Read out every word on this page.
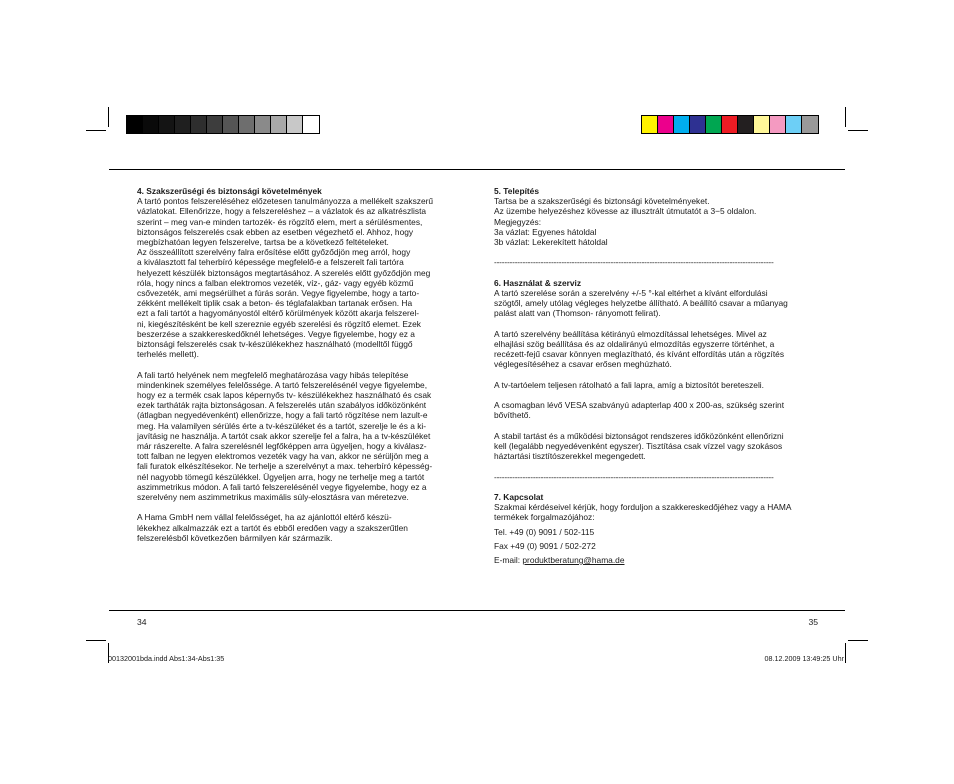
4. Szakszerűségi és biztonsági követelmények

A tartó pontos felszereléséhez előzetesen tanulmányozza a mellékelt szakszerű
vázlatokat. Ellenőrizze, hogy a felszereléshez – a vázlatok és az alkatrészlista
szerint – meg van-e minden tartozék- és rögzítő elem, mert a sérülésmentes,
biztonságos felszerelés csak ebben az esetben végezhető el. Ahhoz, hogy
megbízhatóan legyen felszerelve, tartsa be a következő feltételeket.
Az összeállított szerelvény falra erősítése előtt győződjön meg arról, hogy
a kiválasztott fal teherbíró képessége megfelelő-e a felszerelt fali tartóra
helyezett készülék biztonságos megtartásához. A szerelés előtt győződjön meg
róla, hogy nincs a falban elektromos vezeték, víz-, gáz- vagy egyéb közmű
csővezeték, ami megsérülhet a fúrás során. Vegye figyelembe, hogy a tarto-
zékként mellékelt tiplik csak a beton- és téglafalakban tartanak erősen. Ha
ezt a fali tartót a hagyományostól eltérő körülmények között akarja felszerel-
ni, kiegészítésként be kell szereznie egyéb szerelési és rögzítő elemet. Ezek
beszerzése a szakkereskedőknél lehetséges. Vegye figyelembe, hogy ez a
biztonsági felszerelés csak tv-készülékekhez használható (modelltől függő
terhelés mellett).

A fali tartó helyének nem megfelelő meghatározása vagy hibás telepítése
mindenkinek személyes felelőssége. A tartó felszerelésénél vegye figyelembe,
hogy ez a termék csak lapos képernyős tv- készülékekhez használható és csak
ezek tartháták rajta biztonságosan. A felszerelés után szabályos időközönként
(átlagban negyedévenként) ellenőrizze, hogy a fali tartó rögzítése nem lazult-e
meg. Ha valamilyen sérülés érte a tv-készüléket és a tartót, szerelje le és a ki-
javításig ne használja. A tartót csak akkor szerelje fel a falra, ha a tv-készüléket
már rászerelte. A falra szerelésnél legfőképpen arra ügyeljen, hogy a kiválasz-
tott falban ne legyen elektromos vezeték vagy ha van, akkor ne sérüljön meg a
fali furatok elkészítésekor. Ne terhelje a szerelvényt a max. teherbíró képesség-
nél nagyobb tömegű készülékkel. Ügyeljen arra, hogy ne terhelje meg a tartót
aszimmetrikus módon. A fali tartó felszerelésénél vegye figyelembe, hogy ez a
szerelvény nem aszimmetrikus maximális súly-elosztásra van méretezve.

A Hama GmbH nem vállal felelősséget, ha az ajánlottól eltérő készü-
lékekhez alkalmazzák ezt a tartót és ebből eredően vagy a szakszerűtlen
felszerelésből következően bármilyen kár származik.

5. Telepítés

Tartsa be a szakszerűségi és biztonsági követelményeket.
Az üzembe helyezéshez kövesse az illusztrált útmutatót a 3−5 oldalon.
Megjegyzés:
3a vázlat: Egyenes hátoldal
3b vázlat: Lekerekített hátoldal

------------------------------------------------------------------------------------------------------------

6. Használat & szerviz

A tartó szerelése során a szerelvény +/-5 °-kal eltérhet a kívánt elfordulási
szögtől, amely utólag végleges helyzetbe állítható. A beállító csavar a műanyag
palást alatt van (Thomson- rányomott felirat).

A tartó szerelvény beállítása kétirányú elmozdítással lehetséges. Mivel az
elhajlási szög beállítása és az oldalirányú elmozdítás egyszerre történhet, a
recézett-fejű csavar könnyen meglazítható, és kívánt elfordítás után a rögzítés
véglegesítéséhez a csavar erősen meghúzható.

A tv-tartóelem teljesen rátolható a fali lapra, amíg a biztosítót bereteszeli.

A csomagban lévő VESA szabványú adapterlap 400 x 200-as, szükség szerint
bővíthető.

A stabil tartást és a működési biztonságot rendszeres időközönként ellenőrizni
kell (legalább negyedévenként egyszer). Tisztítása csak vízzel vagy szokásos
háztartási tisztítószerekkel megengedett.

------------------------------------------------------------------------------------------------------------

7. Kapcsolat

Szakmai kérdéseivel kérjük, hogy forduljon a szakkereskedőjéhez vagy a HAMA
termékek forgalmazójához:

Tel. +49 (0) 9091 / 502-115

Fax +49 (0) 9091 / 502-272

E-mail: produktberatung@hama.de

34	35
00132001bda.indd Abs1:34-Abs1:35	08.12.2009 13:49:25 Uhr
